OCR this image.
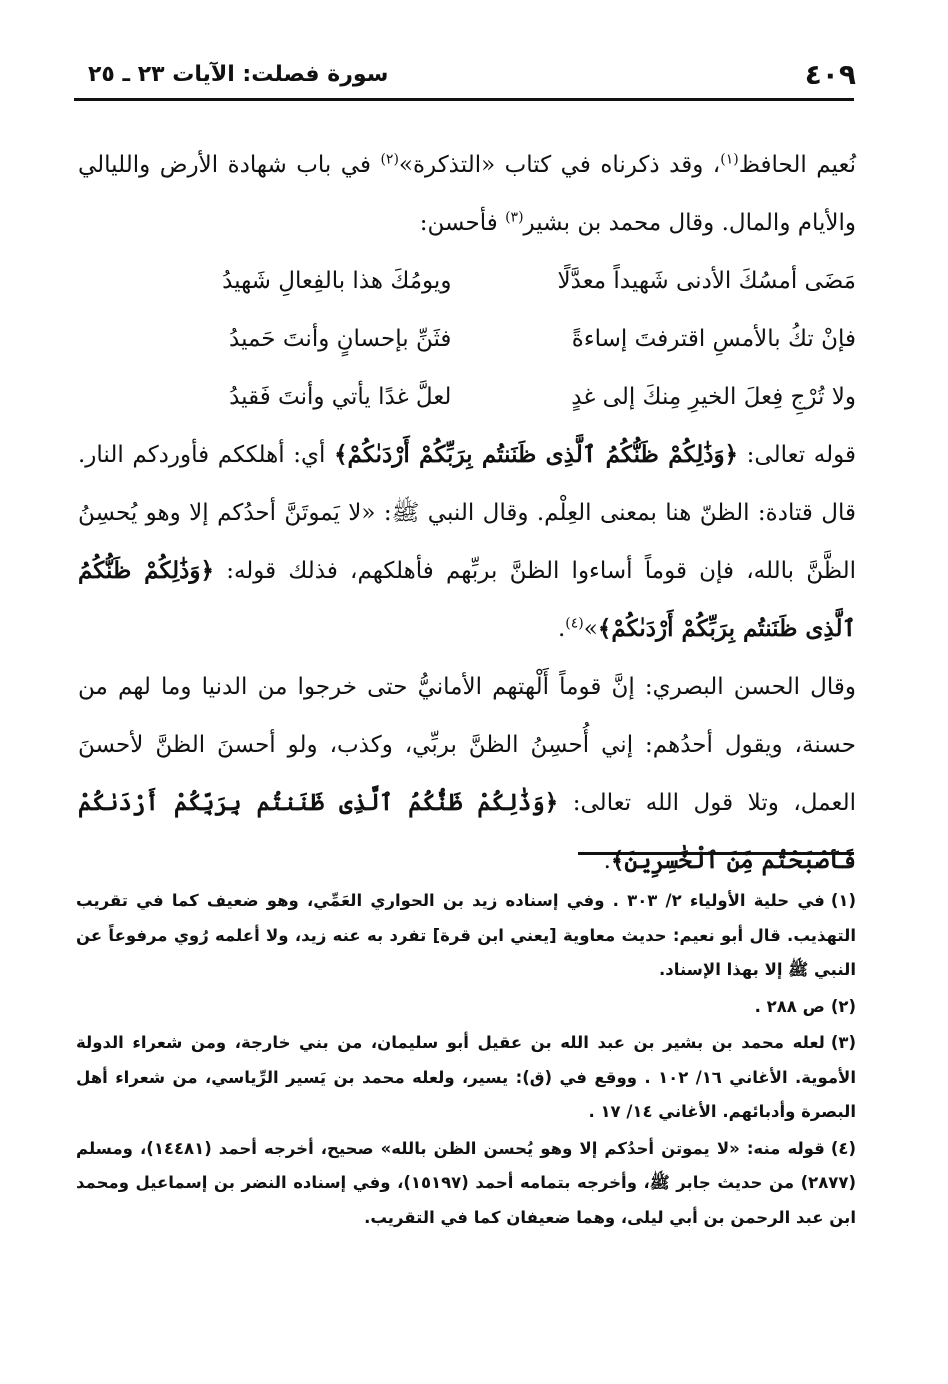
٤٠٩
سورة فصلت: الآيات ٢٣ ـ ٢٥

نُعيم الحافظ$^{(١)}$، وقد ذكرناه في كتاب «التذكرة»$^{(٢)}$ في باب شهادة الأرض والليالي والأيام والمال. وقال محمد بن بشير$^{(٣)}$ فأحسن:

مَضَى أمسُكَ الأدنى شَهيداً معدَّلًا
ويومُكَ هذا بالفِعالِ شَهيدُ
فإنْ تكُ بالأمسِ اقترفتَ إساءةً
فثَنِّ بإحسانٍ وأنتَ حَميدُ
ولا تُرْجِ فِعلَ الخيرِ مِنكَ إلى غدٍ
لعلَّ غدًا يأتي وأنتَ فَقيدُ

قوله تعالى: ﴿وَذَٰلِكُمْ ظَنُّكُمُ ٱلَّذِى ظَنَنتُم بِرَبِّكُمْ أَرْدَىٰكُمْ﴾ أي: أهلككم فأوردكم النار. قال قتادة: الظنّ هنا بمعنى العِلْم. وقال النبي ﷺ: «لا يَموتَنَّ أحدُكم إلا وهو يُحسِنُ الظَّنَّ بالله، فإن قوماً أساءوا الظنَّ بربِّهم فأهلكهم، فذلك قوله: ﴿وَذَٰلِكُمْ ظَنُّكُمُ ٱلَّذِى ظَنَنتُم بِرَبِّكُمْ أَرْدَىٰكُمْ﴾»$^{(٤)}$.

وقال الحسن البصري: إنَّ قوماً أَلْهتهم الأمانيُّ حتى خرجوا من الدنيا وما لهم من حسنة، ويقول أحدُهم: إني أُحسِنُ الظنَّ بربِّي، وكذب، ولو أحسنَ الظنَّ لأحسنَ العمل، وتلا قول الله تعالى: ﴿وَذَٰلِكُمْ ظَنُّكُمُ ٱلَّذِى ظَنَنتُم بِرَبِّكُمْ أَرْدَىٰكُمْ فَأَصْبَحْتُم مِّنَ ٱلْخَٰسِرِينَ﴾.

(١)في حلية الأولياء ٢/ ٣٠٣ . وفي إسناده زيد بن الحواري العَمِّي، وهو ضعيف كما في تقريب التهذيب. قال أبو نعيم: حديث معاوية [يعني ابن قرة] تفرد به عنه زيد، ولا أعلمه رُوي مرفوعاً عن النبي ﷺ إلا بهذا الإسناد.

(٢)ص ٢٨٨ .

(٣)لعله محمد بن بشير بن عبد الله بن عقيل أبو سليمان، من بني خارجة، ومن شعراء الدولة الأموية. الأغاني ١٦/ ١٠٢ . ووقع في (ق): يسير، ولعله محمد بن يَسير الرِّياسي، من شعراء أهل البصرة وأدبائهم. الأغاني ١٤/ ١٧ .

(٤)قوله منه: «لا يموتن أحدُكم إلا وهو يُحسن الظن بالله» صحيح، أخرجه أحمد (١٤٤٨١)، ومسلم (٢٨٧٧) من حديث جابر ﷺ، وأخرجه بتمامه أحمد (١٥١٩٧)، وفي إسناده النضر بن إسماعيل ومحمد ابن عبد الرحمن بن أبي ليلى، وهما ضعيفان كما في التقريب.
